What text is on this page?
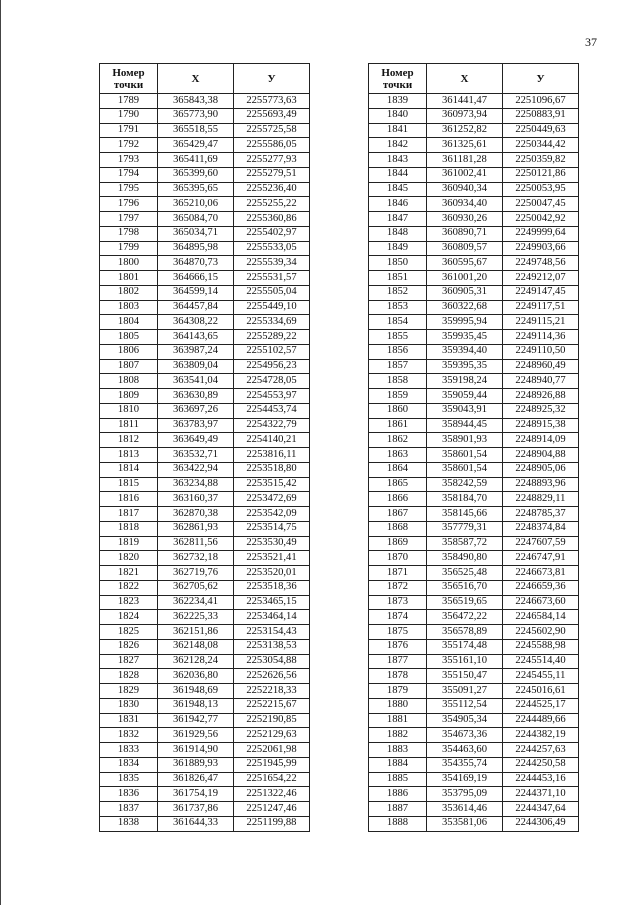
37
Номер
точки	X	У
1789	365843,38	2255773,63
1790	365773,90	2255693,49
1791	365518,55	2255725,58
1792	365429,47	2255586,05
1793	365411,69	2255277,93
1794	365399,60	2255279,51
1795	365395,65	2255236,40
1796	365210,06	2255255,22
1797	365084,70	2255360,86
1798	365034,71	2255402,97
1799	364895,98	2255533,05
1800	364870,73	2255539,34
1801	364666,15	2255531,57
1802	364599,14	2255505,04
1803	364457,84	2255449,10
1804	364308,22	2255334,69
1805	364143,65	2255289,22
1806	363987,24	2255102,57
1807	363809,04	2254956,23
1808	363541,04	2254728,05
1809	363630,89	2254553,97
1810	363697,26	2254453,74
1811	363783,97	2254322,79
1812	363649,49	2254140,21
1813	363532,71	2253816,11
1814	363422,94	2253518,80
1815	363234,88	2253515,42
1816	363160,37	2253472,69
1817	362870,38	2253542,09
1818	362861,93	2253514,75
1819	362811,56	2253530,49
1820	362732,18	2253521,41
1821	362719,76	2253520,01
1822	362705,62	2253518,36
1823	362234,41	2253465,15
1824	362225,33	2253464,14
1825	362151,86	2253154,43
1826	362148,08	2253138,53
1827	362128,24	2253054,88
1828	362036,80	2252626,56
1829	361948,69	2252218,33
1830	361948,13	2252215,67
1831	361942,77	2252190,85
1832	361929,56	2252129,63
1833	361914,90	2252061,98
1834	361889,93	2251945,99
1835	361826,47	2251654,22
1836	361754,19	2251322,46
1837	361737,86	2251247,46
1838	361644,33	2251199,88
Номер
точки	X	У
1839	361441,47	2251096,67
1840	360973,94	2250883,91
1841	361252,82	2250449,63
1842	361325,61	2250344,42
1843	361181,28	2250359,82
1844	361002,41	2250121,86
1845	360940,34	2250053,95
1846	360934,40	2250047,45
1847	360930,26	2250042,92
1848	360890,71	2249999,64
1849	360809,57	2249903,66
1850	360595,67	2249748,56
1851	361001,20	2249212,07
1852	360905,31	2249147,45
1853	360322,68	2249117,51
1854	359995,94	2249115,21
1855	359935,45	2249114,36
1856	359394,40	2249110,50
1857	359395,35	2248960,49
1858	359198,24	2248940,77
1859	359059,44	2248926,88
1860	359043,91	2248925,32
1861	358944,45	2248915,38
1862	358901,93	2248914,09
1863	358601,54	2248904,88
1864	358601,54	2248905,06
1865	358242,59	2248893,96
1866	358184,70	2248829,11
1867	358145,66	2248785,37
1868	357779,31	2248374,84
1869	358587,72	2247607,59
1870	358490,80	2246747,91
1871	356525,48	2246673,81
1872	356516,70	2246659,36
1873	356519,65	2246673,60
1874	356472,22	2246584,14
1875	356578,89	2245602,90
1876	355174,48	2245588,98
1877	355161,10	2245514,40
1878	355150,47	2245455,11
1879	355091,27	2245016,61
1880	355112,54	2244525,17
1881	354905,34	2244489,66
1882	354673,36	2244382,19
1883	354463,60	2244257,63
1884	354355,74	2244250,58
1885	354169,19	2244453,16
1886	353795,09	2244371,10
1887	353614,46	2244347,64
1888	353581,06	2244306,49
